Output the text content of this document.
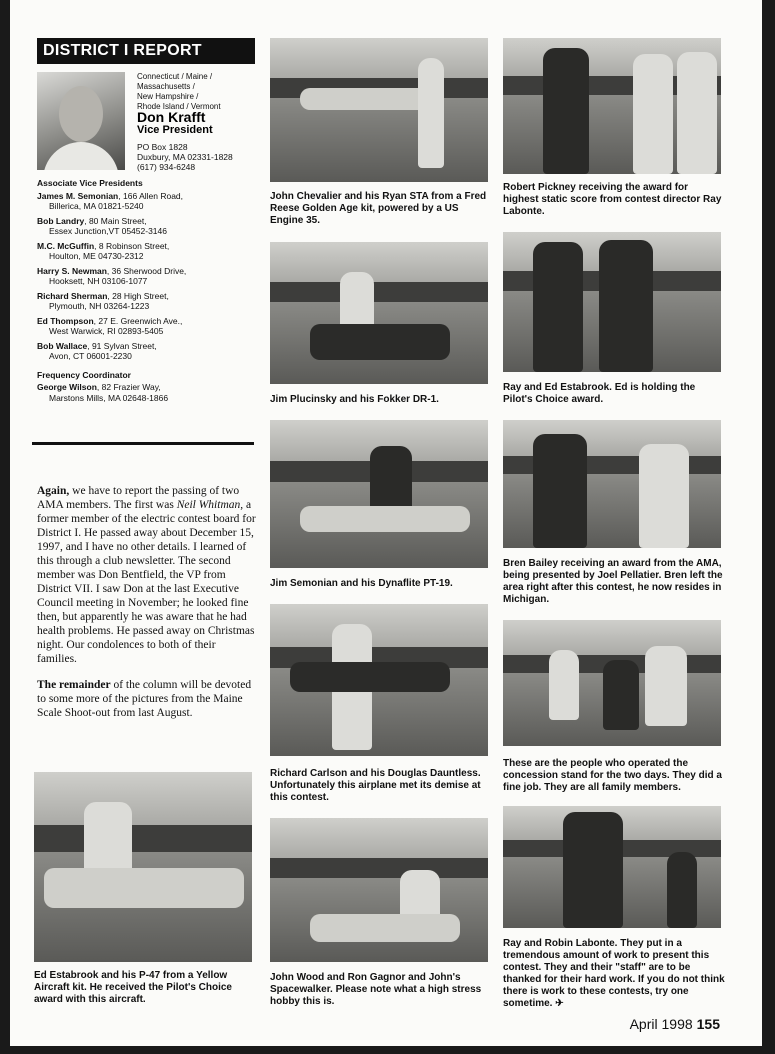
DISTRICT I REPORT
Connecticut / Maine /
Massachusetts /
New Hampshire /
Rhode Island / Vermont
Don Krafft
Vice President
PO Box 1828
Duxbury, MA 02331-1828
(617) 934-6248
Associate Vice Presidents
James M. Semonian, 166 Allen Road,
Billerica, MA 01821-5240
Bob Landry, 80 Main Street,
Essex Junction,VT 05452-3146
M.C. McGuffin, 8 Robinson Street,
Houlton, ME 04730-2312
Harry S. Newman, 36 Sherwood Drive,
Hooksett, NH 03106-1077
Richard Sherman, 28 High Street,
Plymouth, NH 03264-1223
Ed Thompson, 27 E. Greenwich Ave.,
West Warwick, RI 02893-5405
Bob Wallace, 91 Sylvan Street,
Avon, CT 06001-2230
Frequency Coordinator
George Wilson, 82 Frazier Way,
Marstons Mills, MA 02648-1866

Again, we have to report the passing of two AMA members. The first was Neil Whitman, a former member of the electric contest board for District I. He passed away about December 15, 1997, and I have no other details. I learned of this through a club newsletter. The second member was Don Bentfield, the VP from District VII. I saw Don at the last Executive Council meeting in November; he looked fine then, but apparently he was aware that he had health problems. He passed away on Christmas night. Our condolences to both of their families.

The remainder of the column will be devoted to some more of the pictures from the Maine Scale Shoot-out from last August.

John Chevalier and his Ryan STA from a Fred Reese Golden Age kit, powered by a US Engine 35.
Jim Plucinsky and his Fokker DR-1.
Jim Semonian and his Dynaflite PT-19.
Richard Carlson and his Douglas Dauntless. Unfortunately this airplane met its demise at this contest.
John Wood and Ron Gagnor and John's Spacewalker. Please note what a high stress hobby this is.
Robert Pickney receiving the award for highest static score from contest director Ray Labonte.
Ray and Ed Estabrook. Ed is holding the Pilot's Choice award.
Bren Bailey receiving an award from the AMA, being presented by Joel Pellatier. Bren left the area right after this contest, he now resides in Michigan.
These are the people who operated the concession stand for the two days. They did a fine job. They are all family members.
Ray and Robin Labonte. They put in a tremendous amount of work to present this contest. They and their "staff" are to be thanked for their hard work. If you do not think there is work to these contests, try one sometime. ✈
Ed Estabrook and his P-47 from a Yellow Aircraft kit. He received the Pilot's Choice award with this aircraft.
April 1998 155
